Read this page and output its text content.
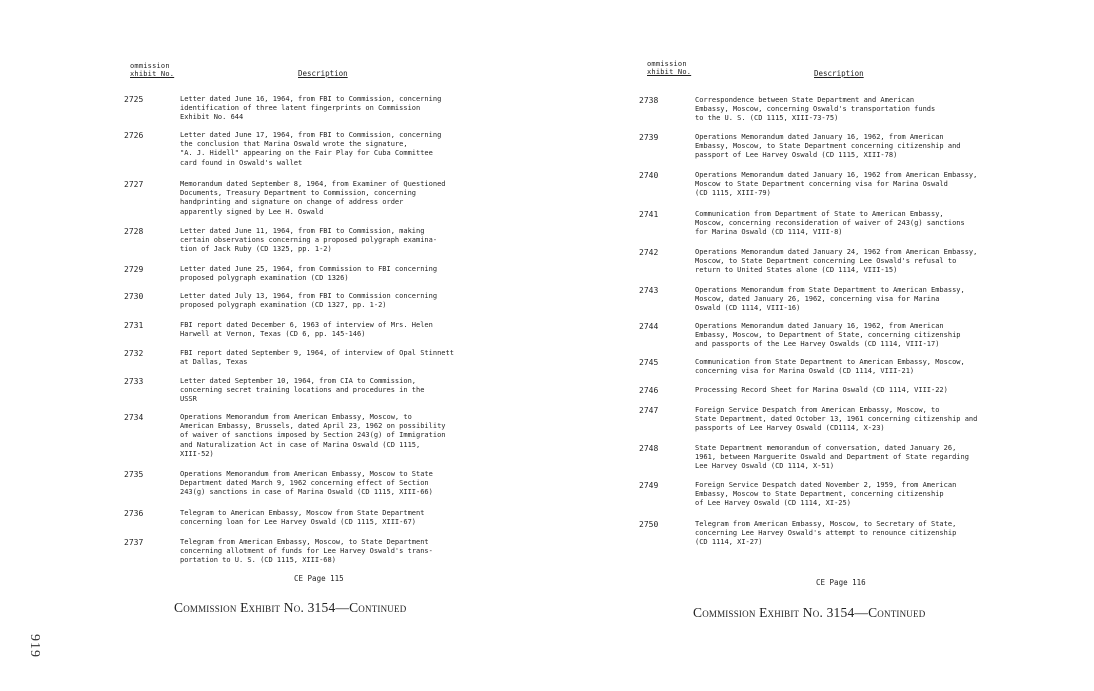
ommission
xhibit No.	Description
2725	Letter dated June 16, 1964, from FBI to Commission, concerning
identification of three latent fingerprints on Commission
Exhibit No. 644
2726	Letter dated June 17, 1964, from FBI to Commission, concerning
the conclusion that Marina Oswald wrote the signature,
"A. J. Hidell" appearing on the Fair Play for Cuba Committee
card found in Oswald's wallet
2727	Memorandum dated September 8, 1964, from Examiner of Questioned
Documents, Treasury Department to Commission, concerning
handprinting and signature on change of address order
apparently signed by Lee H. Oswald
2728	Letter dated June 11, 1964, from FBI to Commission, making
certain observations concerning a proposed polygraph examina-
tion of Jack Ruby (CD 1325, pp. 1-2)
2729	Letter dated June 25, 1964, from Commission to FBI concerning
proposed polygraph examination (CD 1326)
2730	Letter dated July 13, 1964, from FBI to Commission concerning
proposed polygraph examination (CD 1327, pp. 1-2)
2731	FBI report dated December 6, 1963 of interview of Mrs. Helen
Harwell at Vernon, Texas (CD 6, pp. 145-146)
2732	FBI report dated September 9, 1964, of interview of Opal Stinnett
at Dallas, Texas
2733	Letter dated September 10, 1964, from CIA to Commission,
concerning secret training locations and procedures in the
USSR
2734	Operations Memorandum from American Embassy, Moscow, to
American Embassy, Brussels, dated April 23, 1962 on possibility
of waiver of sanctions imposed by Section 243(g) of Immigration
and Naturalization Act in case of Marina Oswald (CD 1115,
XIII-52)
2735	Operations Memorandum from American Embassy, Moscow to State
Department dated March 9, 1962 concerning effect of Section
243(g) sanctions in case of Marina Oswald (CD 1115, XIII-66)
2736	Telegram to American Embassy, Moscow from State Department
concerning loan for Lee Harvey Oswald (CD 1115, XIII-67)
2737	Telegram from American Embassy, Moscow, to State Department
concerning allotment of funds for Lee Harvey Oswald's trans-
portation to U. S. (CD 1115, XIII-68)
CE Page 115
Commission Exhibit No. 3154—Continued
919
ommission
xhibit No.	Description
2738	Correspondence between State Department and American
Embassy, Moscow, concerning Oswald's transportation funds
to the U. S. (CD 1115, XIII-73-75)
2739	Operations Memorandum dated January 16, 1962, from American
Embassy, Moscow, to State Department concerning citizenship and
passport of Lee Harvey Oswald (CD 1115, XIII-78)
2740	Operations Memorandum dated January 16, 1962 from American Embassy,
Moscow to State Department concerning visa for Marina Oswald
(CD 1115, XIII-79)
2741	Communication from Department of State to American Embassy,
Moscow, concerning reconsideration of waiver of 243(g) sanctions
for Marina Oswald (CD 1114, VIII-8)
2742	Operations Memorandum dated January 24, 1962 from American Embassy,
Moscow, to State Department concerning Lee Oswald's refusal to
return to United States alone (CD 1114, VIII-15)
2743	Operations Memorandum from State Department to American Embassy,
Moscow, dated January 26, 1962, concerning visa for Marina
Oswald (CD 1114, VIII-16)
2744	Operations Memorandum dated January 16, 1962, from American
Embassy, Moscow, to Department of State, concerning citizenship
and passports of the Lee Harvey Oswalds (CD 1114, VIII-17)
2745	Communication from State Department to American Embassy, Moscow,
concerning visa for Marina Oswald (CD 1114, VIII-21)
2746	Processing Record Sheet for Marina Oswald (CD 1114, VIII-22)
2747	Foreign Service Despatch from American Embassy, Moscow, to
State Department, dated October 13, 1961 concerning citizenship and
passports of Lee Harvey Oswald (CD1114, X-23)
2748	State Department memorandum of conversation, dated January 26,
1961, between Marguerite Oswald and Department of State regarding
Lee Harvey Oswald (CD 1114, X-51)
2749	Foreign Service Despatch dated November 2, 1959, from American
Embassy, Moscow to State Department, concerning citizenship
of Lee Harvey Oswald (CD 1114, XI-25)
2750	Telegram from American Embassy, Moscow, to Secretary of State,
concerning Lee Harvey Oswald's attempt to renounce citizenship
(CD 1114, XI-27)
CE Page 116
Commission Exhibit No. 3154—Continued
